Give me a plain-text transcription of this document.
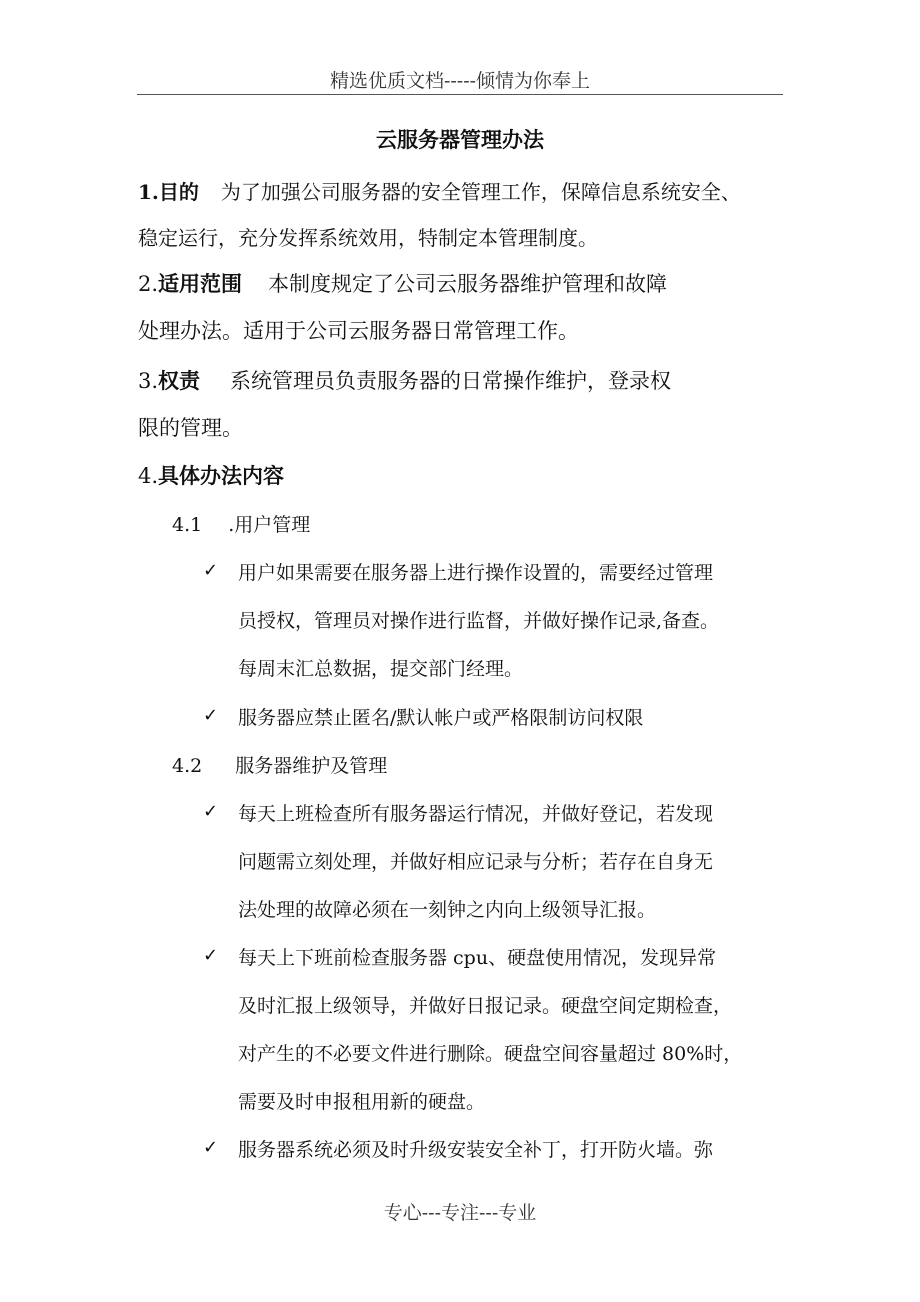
精选优质文档-----倾情为你奉上
云服务器管理办法
1.目的 为了加强公司服务器的安全管理工作，保障信息系统安全、
稳定运行，充分发挥系统效用，特制定本管理制度。
2.适用范围 本制度规定了公司云服务器维护管理和故障
处理办法。适用于公司云服务器日常管理工作。
3.权责 系统管理员负责服务器的日常操作维护，登录权
限的管理。
4.具体办法内容
4.1 .用户管理
✓ 用户如果需要在服务器上进行操作设置的，需要经过管理
员授权，管理员对操作进行监督，并做好操作记录,备查。
每周末汇总数据，提交部门经理。
✓ 服务器应禁止匿名/默认帐户或严格限制访问权限
4.2 服务器维护及管理
✓ 每天上班检查所有服务器运行情况，并做好登记，若发现
问题需立刻处理，并做好相应记录与分析；若存在自身无
法处理的故障必须在一刻钟之内向上级领导汇报。
✓ 每天上下班前检查服务器 cpu、硬盘使用情况，发现异常
及时汇报上级领导，并做好日报记录。硬盘空间定期检查，
对产生的不必要文件进行删除。硬盘空间容量超过 80%时，
需要及时申报租用新的硬盘。
✓ 服务器系统必须及时升级安装安全补丁，打开防火墙。弥
专心---专注---专业
